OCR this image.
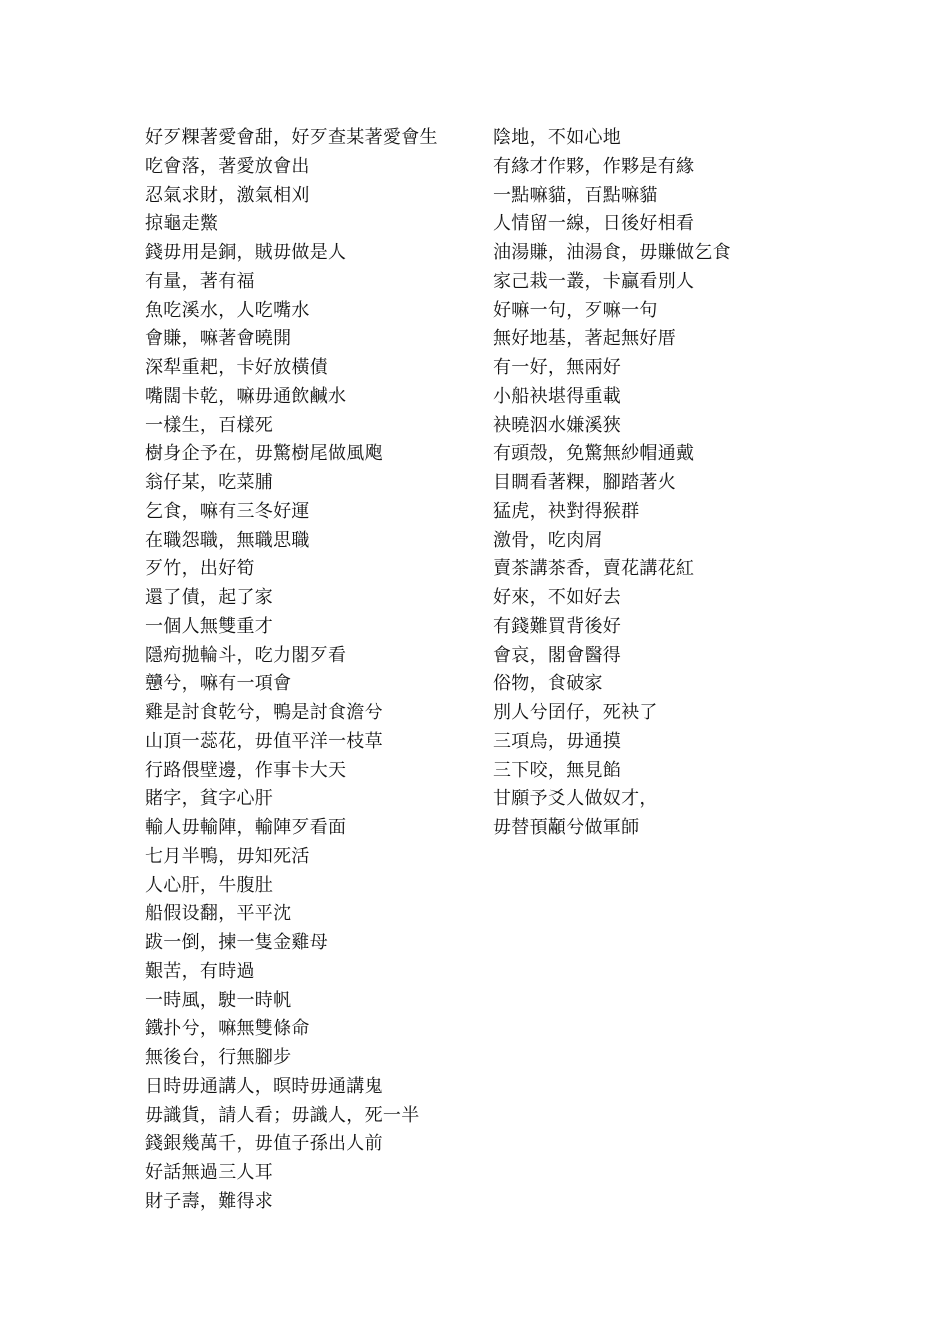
好歹粿著愛會甜，好歹查某著愛會生
吃會落，著愛放會出
忍氣求財，激氣相刈
掠龜走鱉
錢毋用是銅，賊毋做是人
有量，著有福
魚吃溪水，人吃嘴水
會賺，嘛著會曉開
深犁重耙，卡好放橫債
嘴闊卡乾，嘛毋通飲鹹水
一樣生，百樣死
樹身企予在，毋驚樹尾做風飑
翁仔某，吃菜脯
乞食，嘛有三冬好運
在職怨職，無職思職
歹竹，出好筍
還了債，起了家
一個人無雙重才
隱痀拋輪斗，吃力閣歹看
戇兮，嘛有一項會
雞是討食乾兮，鴨是討食澹兮
山頂一蕊花，毋值平洋一枝草
行路偎壁邊，作事卡大天
賭字，貧字心肝
輸人毋輸陣，輸陣歹看面
七月半鴨，毋知死活
人心肝，牛腹肚
船假设翻，平平沈
跋一倒，揀一隻金雞母
艱苦，有時過
一時風，駛一時帆
鐵扑兮，嘛無雙條命
無後台，行無腳步
日時毋通講人，暝時毋通講鬼
毋識貨，請人看；毋識人，死一半
錢銀幾萬千，毋值子孫出人前
好話無過三人耳
財子壽，難得求
陰地，不如心地
有緣才作夥，作夥是有緣
一點嘛貓，百點嘛貓
人情留一線，日後好相看
油湯賺，油湯食，毋賺做乞食
家己栽一叢，卡贏看別人
好嘛一句，歹嘛一句
無好地基，著起無好厝
有一好，無兩好
小船袂堪得重載
袂曉泅水嫌溪狹
有頭殼，免驚無紗帽通戴
目睭看著粿，腳踏著火
猛虎，袂對得猴群
激骨，吃肉屑
賣茶講茶香，賣花講花紅
好來，不如好去
有錢難買背後好
會哀，閣會醫得
俗物，食破家
別人兮囝仔，死袂了
三項烏，毋通摸
三下咬，無見餡
甘願予爻人做奴才，
毋替頇顢兮做軍師
